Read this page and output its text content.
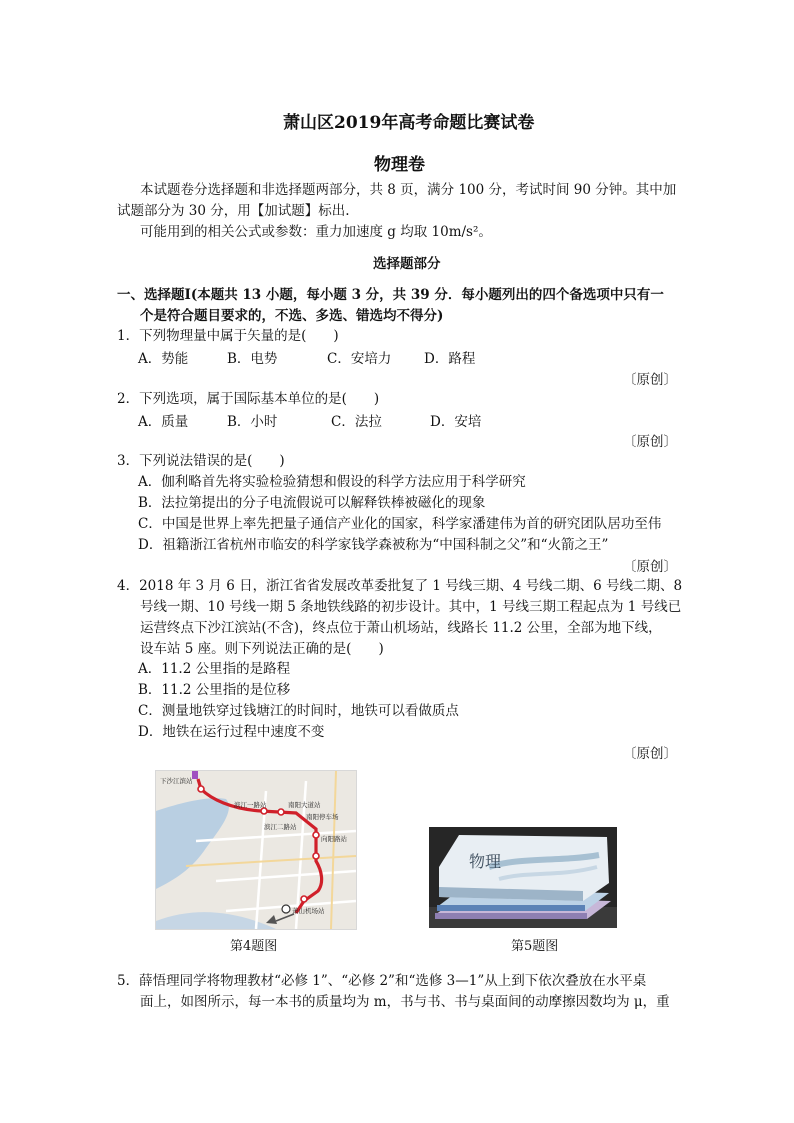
萧山区2019年高考命题比赛试卷
物理卷
本试题卷分选择题和非选择题两部分，共 8 页，满分 100 分，考试时间 90 分钟。其中加
试题部分为 30 分，用【加试题】标出.
可能用到的相关公式或参数：重力加速度 g 均取 10m/s²。
选择题部分
一、选择题Ⅰ(本题共 13 小题，每小题 3 分，共 39 分．每小题列出的四个备选项中只有一
个是符合题目要求的，不选、多选、错选均不得分)
1．下列物理量中属于矢量的是(　　)
A．势能	B．电势	C．安培力 D．路程
〔原创〕
2．下列选项，属于国际基本单位的是(　　)
A．质量	B．小时	C．法拉	D．安培
〔原创〕
3．下列说法错误的是(　　)
A．伽利略首先将实验检验猜想和假设的科学方法应用于科学研究
B．法拉第提出的分子电流假说可以解释铁棒被磁化的现象
C．中国是世界上率先把量子通信产业化的国家，科学家潘建伟为首的研究团队居功至伟
D．祖籍浙江省杭州市临安的科学家钱学森被称为“中国科制之父”和“火箭之王”
〔原创〕
4．2018 年 3 月 6 日，浙江省省发展改革委批复了 1 号线三期、4 号线二期、6 号线二期、8
号线一期、10 号线一期 5 条地铁线路的初步设计。其中，1 号线三期工程起点为 1 号线已
运营终点下沙江滨站(不含)，终点位于萧山机场站，线路长 11.2 公里，全部为地下线，
设车站 5 座。则下列说法正确的是(　　)
A．11.2 公里指的是路程
B．11.2 公里指的是位移
C．测量地铁穿过钱塘江的时间时，地铁可以看做质点
D．地铁在运行过程中速度不变
〔原创〕
下沙江滨站
南阳停车场
滨江一路站	南阳大道站
滨江二路站
向阳路站
萧山机场站
第4题图
物理
第5题图
5．薛悟理同学将物理教材“必修 1”、“必修 2”和“选修 3—1”从上到下依次叠放在水平桌
面上，如图所示，每一本书的质量均为 m，书与书、书与桌面间的动摩擦因数均为 μ，重
